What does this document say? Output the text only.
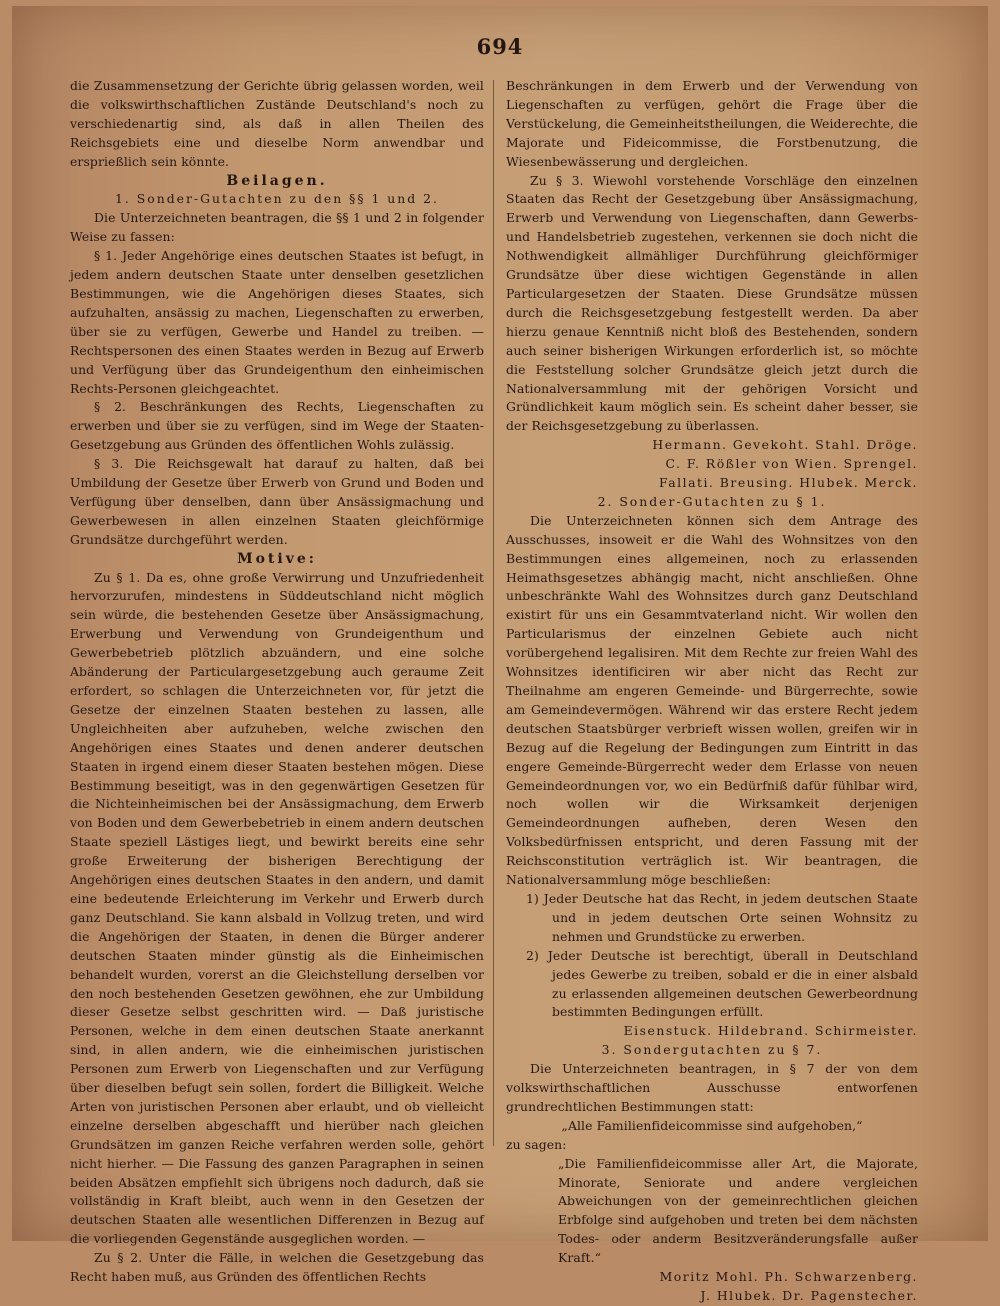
694

die Zusammensetzung der Gerichte übrig gelassen worden, weil die volkswirthschaftlichen Zustände Deutschland's noch zu verschiedenartig sind, als daß in allen Theilen des Reichsgebiets eine und dieselbe Norm anwendbar und ersprießlich sein könnte.

Beilagen.

1. Sonder-Gutachten zu den §§ 1 und 2.

Die Unterzeichneten beantragen, die §§ 1 und 2 in folgender Weise zu fassen:

§ 1. Jeder Angehörige eines deutschen Staates ist befugt, in jedem andern deutschen Staate unter denselben gesetzlichen Bestimmungen, wie die Angehörigen dieses Staates, sich aufzuhalten, ansässig zu machen, Liegenschaften zu erwerben, über sie zu verfügen, Gewerbe und Handel zu treiben. — Rechtspersonen des einen Staates werden in Bezug auf Erwerb und Verfügung über das Grundeigenthum den einheimischen Rechts-Personen gleichgeachtet.

§ 2. Beschränkungen des Rechts, Liegenschaften zu erwerben und über sie zu verfügen, sind im Wege der Staaten-Gesetzgebung aus Gründen des öffentlichen Wohls zulässig.

§ 3. Die Reichsgewalt hat darauf zu halten, daß bei Umbildung der Gesetze über Erwerb von Grund und Boden und Verfügung über denselben, dann über Ansässigmachung und Gewerbewesen in allen einzelnen Staaten gleichförmige Grundsätze durchgeführt werden.

Motive:

Zu § 1. Da es, ohne große Verwirrung und Unzufriedenheit hervorzurufen, mindestens in Süddeutschland nicht möglich sein würde, die bestehenden Gesetze über Ansässigmachung, Erwerbung und Verwendung von Grundeigenthum und Gewerbebetrieb plötzlich abzuändern, und eine solche Abänderung der Particulargesetzgebung auch geraume Zeit erfordert, so schlagen die Unterzeichneten vor, für jetzt die Gesetze der einzelnen Staaten bestehen zu lassen, alle Ungleichheiten aber aufzuheben, welche zwischen den Angehörigen eines Staates und denen anderer deutschen Staaten in irgend einem dieser Staaten bestehen mögen. Diese Bestimmung beseitigt, was in den gegenwärtigen Gesetzen für die Nichteinheimischen bei der Ansässigmachung, dem Erwerb von Boden und dem Gewerbebetrieb in einem andern deutschen Staate speziell Lästiges liegt, und bewirkt bereits eine sehr große Erweiterung der bisherigen Berechtigung der Angehörigen eines deutschen Staates in den andern, und damit eine bedeutende Erleichterung im Verkehr und Erwerb durch ganz Deutschland. Sie kann alsbald in Vollzug treten, und wird die Angehörigen der Staaten, in denen die Bürger anderer deutschen Staaten minder günstig als die Einheimischen behandelt wurden, vorerst an die Gleichstellung derselben vor den noch bestehenden Gesetzen gewöhnen, ehe zur Umbildung dieser Gesetze selbst geschritten wird. — Daß juristische Personen, welche in dem einen deutschen Staate anerkannt sind, in allen andern, wie die einheimischen juristischen Personen zum Erwerb von Liegenschaften und zur Verfügung über dieselben befugt sein sollen, fordert die Billigkeit. Welche Arten von juristischen Personen aber erlaubt, und ob vielleicht einzelne derselben abgeschafft und hierüber nach gleichen Grundsätzen im ganzen Reiche verfahren werden solle, gehört nicht hierher. — Die Fassung des ganzen Paragraphen in seinen beiden Absätzen empfiehlt sich übrigens noch dadurch, daß sie vollständig in Kraft bleibt, auch wenn in den Gesetzen der deutschen Staaten alle wesentlichen Differenzen in Bezug auf die vorliegenden Gegenstände ausgeglichen worden. —

Zu § 2. Unter die Fälle, in welchen die Gesetzgebung das Recht haben muß, aus Gründen des öffentlichen Rechts

Beschränkungen in dem Erwerb und der Verwendung von Liegenschaften zu verfügen, gehört die Frage über die Verstückelung, die Gemeinheitstheilungen, die Weiderechte, die Majorate und Fideicommisse, die Forstbenutzung, die Wiesenbewässerung und dergleichen.

Zu § 3. Wiewohl vorstehende Vorschläge den einzelnen Staaten das Recht der Gesetzgebung über Ansässigmachung, Erwerb und Verwendung von Liegenschaften, dann Gewerbs- und Handelsbetrieb zugestehen, verkennen sie doch nicht die Nothwendigkeit allmähliger Durchführung gleichförmiger Grundsätze über diese wichtigen Gegenstände in allen Particulargesetzen der Staaten. Diese Grundsätze müssen durch die Reichsgesetzgebung festgestellt werden. Da aber hierzu genaue Kenntniß nicht bloß des Bestehenden, sondern auch seiner bisherigen Wirkungen erforderlich ist, so möchte die Feststellung solcher Grundsätze gleich jetzt durch die Nationalversammlung mit der gehörigen Vorsicht und Gründlichkeit kaum möglich sein. Es scheint daher besser, sie der Reichsgesetzgebung zu überlassen.

Hermann. Gevekoht. Stahl. Dröge.

C. F. Rößler von Wien. Sprengel.

Fallati. Breusing. Hlubek. Merck.

2. Sonder-Gutachten zu § 1.

Die Unterzeichneten können sich dem Antrage des Ausschusses, insoweit er die Wahl des Wohnsitzes von den Bestimmungen eines allgemeinen, noch zu erlassenden Heimathsgesetzes abhängig macht, nicht anschließen. Ohne unbeschränkte Wahl des Wohnsitzes durch ganz Deutschland existirt für uns ein Gesammtvaterland nicht. Wir wollen den Particularismus der einzelnen Gebiete auch nicht vorübergehend legalisiren. Mit dem Rechte zur freien Wahl des Wohnsitzes identificiren wir aber nicht das Recht zur Theilnahme am engeren Gemeinde- und Bürgerrechte, sowie am Gemeindevermögen. Während wir das erstere Recht jedem deutschen Staatsbürger verbrieft wissen wollen, greifen wir in Bezug auf die Regelung der Bedingungen zum Eintritt in das engere Gemeinde-Bürgerrecht weder dem Erlasse von neuen Gemeindeordnungen vor, wo ein Bedürfniß dafür fühlbar wird, noch wollen wir die Wirksamkeit derjenigen Gemeindeordnungen aufheben, deren Wesen den Volksbedürfnissen entspricht, und deren Fassung mit der Reichsconstitution verträglich ist. Wir beantragen, die Nationalversammlung möge beschließen:

1) Jeder Deutsche hat das Recht, in jedem deutschen Staate und in jedem deutschen Orte seinen Wohnsitz zu nehmen und Grundstücke zu erwerben.

2) Jeder Deutsche ist berechtigt, überall in Deutschland jedes Gewerbe zu treiben, sobald er die in einer alsbald zu erlassenden allgemeinen deutschen Gewerbeordnung bestimmten Bedingungen erfüllt.

Eisenstuck. Hildebrand. Schirmeister.

3. Sondergutachten zu § 7.

Die Unterzeichneten beantragen, in § 7 der von dem volkswirthschaftlichen Ausschusse entworfenen grundrechtlichen Bestimmungen statt:

„Alle Familienfideicommisse sind aufgehoben,“

zu sagen:

„Die Familienfideicommisse aller Art, die Majorate, Minorate, Seniorate und andere vergleichen Abweichungen von der gemeinrechtlichen gleichen Erbfolge sind aufgehoben und treten bei dem nächsten Todes- oder anderm Besitzveränderungsfalle außer Kraft.“

Moritz Mohl. Ph. Schwarzenberg.

J. Hlubek. Dr. Pagenstecher.
